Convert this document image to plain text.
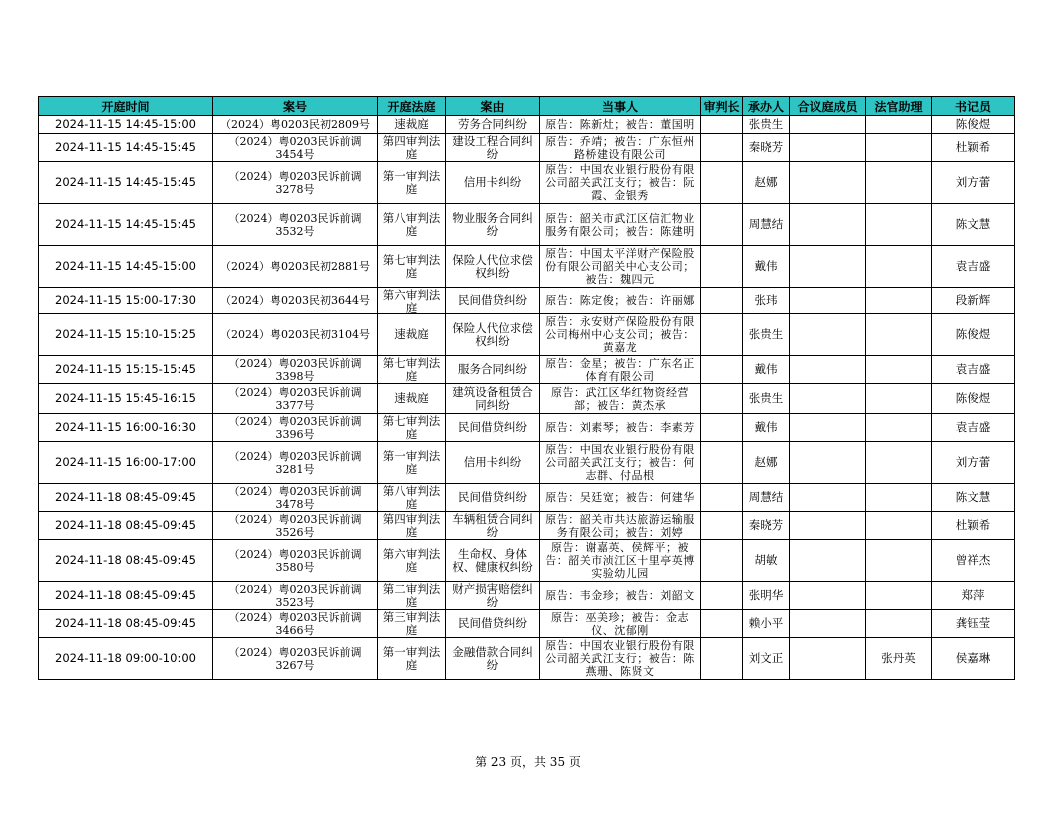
开庭时间	案号	开庭法庭	案由	当事人	审判长	承办人	合议庭成员	法官助理	书记员

2024-11-15 14:45-15:00	（2024）粤0203民初2809号	速裁庭	劳务合同纠纷	原告：陈新灶；被告：董国明		张贵生			陈俊煜

2024-11-15 14:45-15:45	（2024）粤0203民诉前调3454号	第四审判法庭	建设工程合同纠纷	原告：乔靖；被告：广东恒州路桥建设有限公司		秦晓芳			杜颖希

2024-11-15 14:45-15:45	（2024）粤0203民诉前调3278号	第一审判法庭	信用卡纠纷	原告：中国农业银行股份有限公司韶关武江支行；被告：阮霞、金银秀		赵娜			刘方蕾

2024-11-15 14:45-15:45	（2024）粤0203民诉前调3532号	第八审判法庭	物业服务合同纠纷	原告：韶关市武江区信汇物业服务有限公司；被告：陈建明		周慧结			陈文慧

2024-11-15 14:45-15:00	（2024）粤0203民初2881号	第七审判法庭	保险人代位求偿权纠纷	原告：中国太平洋财产保险股份有限公司韶关中心支公司；被告：魏四元		戴伟			袁吉盛

2024-11-15 15:00-17:30	（2024）粤0203民初3644号	第六审判法庭	民间借贷纠纷	原告：陈定俊；被告：许丽娜		张玮			段新辉

2024-11-15 15:10-15:25	（2024）粤0203民初3104号	速裁庭	保险人代位求偿权纠纷	原告：永安财产保险股份有限公司梅州中心支公司；被告：黄嘉龙		张贵生			陈俊煜

2024-11-15 15:15-15:45	（2024）粤0203民诉前调3398号	第七审判法庭	服务合同纠纷	原告：金星；被告：广东名正体育有限公司		戴伟			袁吉盛

2024-11-15 15:45-16:15	（2024）粤0203民诉前调3377号	速裁庭	建筑设备租赁合同纠纷	原告：武江区华红物资经营部；被告：黄杰承		张贵生			陈俊煜

2024-11-15 16:00-16:30	（2024）粤0203民诉前调3396号	第七审判法庭	民间借贷纠纷	原告：刘素琴；被告：李素芳		戴伟			袁吉盛

2024-11-15 16:00-17:00	（2024）粤0203民诉前调3281号	第一审判法庭	信用卡纠纷	原告：中国农业银行股份有限公司韶关武江支行；被告：何志群、付品根		赵娜			刘方蕾

2024-11-18 08:45-09:45	（2024）粤0203民诉前调3478号	第八审判法庭	民间借贷纠纷	原告：吴廷宽；被告：何建华		周慧结			陈文慧

2024-11-18 08:45-09:45	（2024）粤0203民诉前调3526号	第四审判法庭	车辆租赁合同纠纷	原告：韶关市共达旅游运输服务有限公司；被告：刘婷		秦晓芳			杜颖希

2024-11-18 08:45-09:45	（2024）粤0203民诉前调3580号	第六审判法庭	生命权、身体权、健康权纠纷	原告：谢嘉英、侯辉平；被告：韶关市浈江区十里亭英博实验幼儿园		胡敏			曾祥杰

2024-11-18 08:45-09:45	（2024）粤0203民诉前调3523号	第二审判法庭	财产损害赔偿纠纷	原告：韦金珍；被告：刘韶文		张明华			郑萍

2024-11-18 08:45-09:45	（2024）粤0203民诉前调3466号	第三审判法庭	民间借贷纠纷	原告：巫美珍；被告：金志仪、沈郁刚		赖小平			龚钰莹

2024-11-18 09:00-10:00	（2024）粤0203民诉前调3267号	第一审判法庭	金融借款合同纠纷	原告：中国农业银行股份有限公司韶关武江支行；被告：陈燕珊、陈贤文		刘文正		张丹英	侯嘉琳
第 23 页，共 35 页
